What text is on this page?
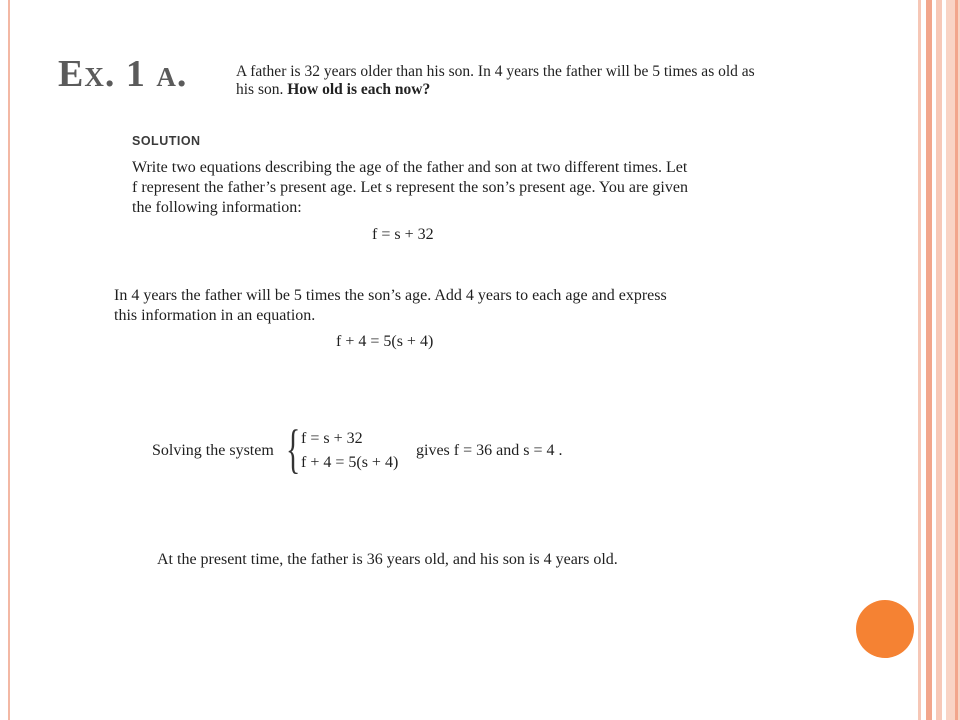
Ex. 1 a.	A father is 32 years older than his son. In 4 years the father will be 5 times as old as his son. How old is each now?
SOLUTION
Write two equations describing the age of the father and son at two different times. Let f represent the father’s present age. Let s represent the son’s present age. You are given the following information:
f = s + 32
In 4 years the father will be 5 times the son’s age. Add 4 years to each age and express this information in an equation.
f + 4 = 5(s + 4)
Solving the system { f = s + 32
f + 4 = 5(s + 4)
gives f = 36 and s = 4 .
At the present time, the father is 36 years old, and his son is 4 years old.
